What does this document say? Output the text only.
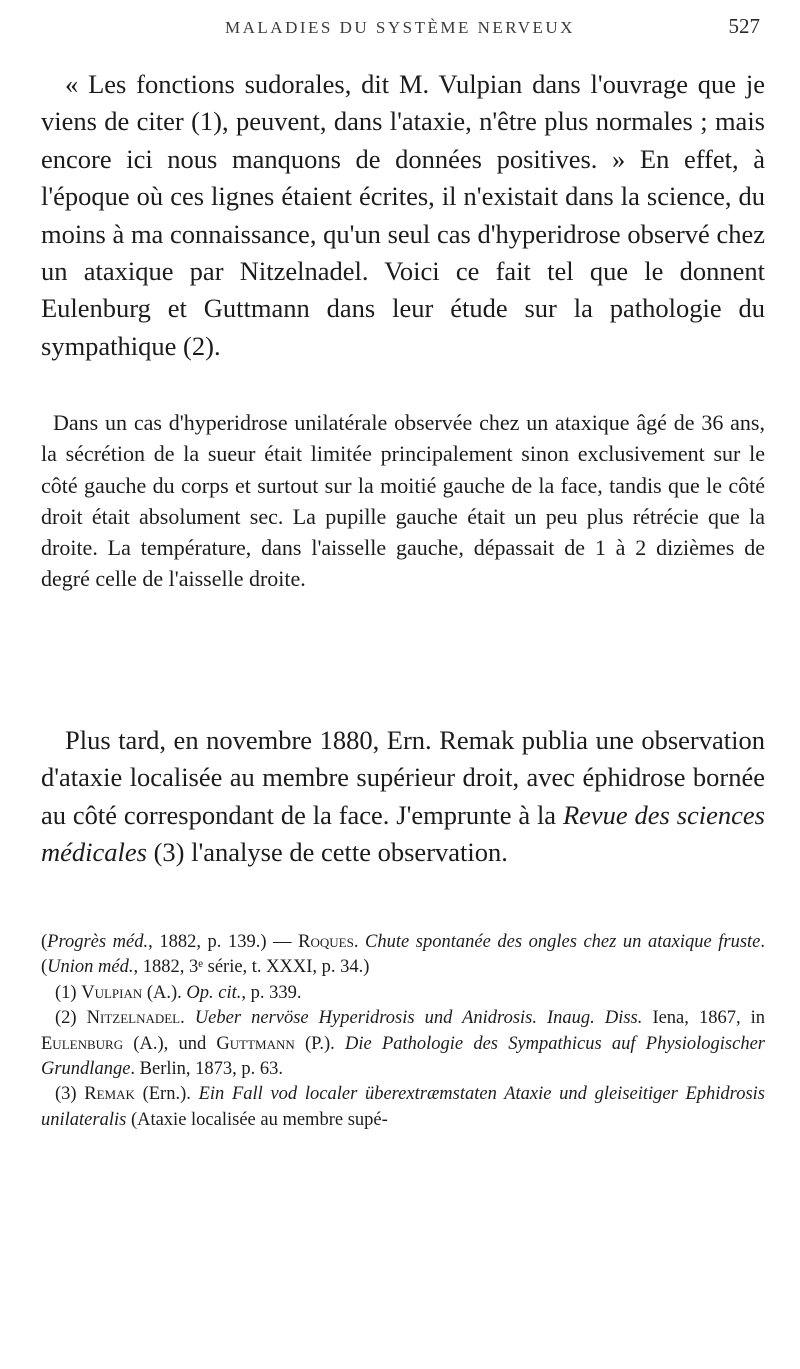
MALADIES DU SYSTÈME NERVEUX	527

« Les fonctions sudorales, dit M. Vulpian dans l'ouvrage que je viens de citer (1), peuvent, dans l'ataxie, n'être plus normales ; mais encore ici nous manquons de données positives. » En effet, à l'époque où ces lignes étaient écrites, il n'existait dans la science, du moins à ma connaissance, qu'un seul cas d'hyperidrose observé chez un ataxique par Nitzelnadel. Voici ce fait tel que le donnent Eulenburg et Guttmann dans leur étude sur la pathologie du sympathique (2).

Dans un cas d'hyperidrose unilatérale observée chez un ataxique âgé de 36 ans, la sécrétion de la sueur était limitée principalement sinon exclusivement sur le côté gauche du corps et surtout sur la moitié gauche de la face, tandis que le côté droit était absolument sec. La pupille gauche était un peu plus rétrécie que la droite. La température, dans l'aisselle gauche, dépassait de 1 à 2 dizièmes de degré celle de l'aisselle droite.

Plus tard, en novembre 1880, Ern. Remak publia une observation d'ataxie localisée au membre supérieur droit, avec éphidrose bornée au côté correspondant de la face. J'emprunte à la Revue des sciences médicales (3) l'analyse de cette observation.

(Progrès méd., 1882, p. 139.) — Roques. Chute spontanée des ongles chez un ataxique fruste. (Union méd., 1882, 3ᵉ série, t. XXXI, p. 34.)

(1) Vulpian (A.). Op. cit., p. 339.

(2) Nitzelnadel. Ueber nervöse Hyperidrosis und Anidrosis. Inaug. Diss. Iena, 1867, in Eulenburg (A.), und Guttmann (P.). Die Pathologie des Sympathicus auf Physiologischer Grundlange. Berlin, 1873, p. 63.

(3) Remak (Ern.). Ein Fall vod localer überextræmstaten Ataxie und gleiseitiger Ephidrosis unilateralis (Ataxie localisée au membre supé-
